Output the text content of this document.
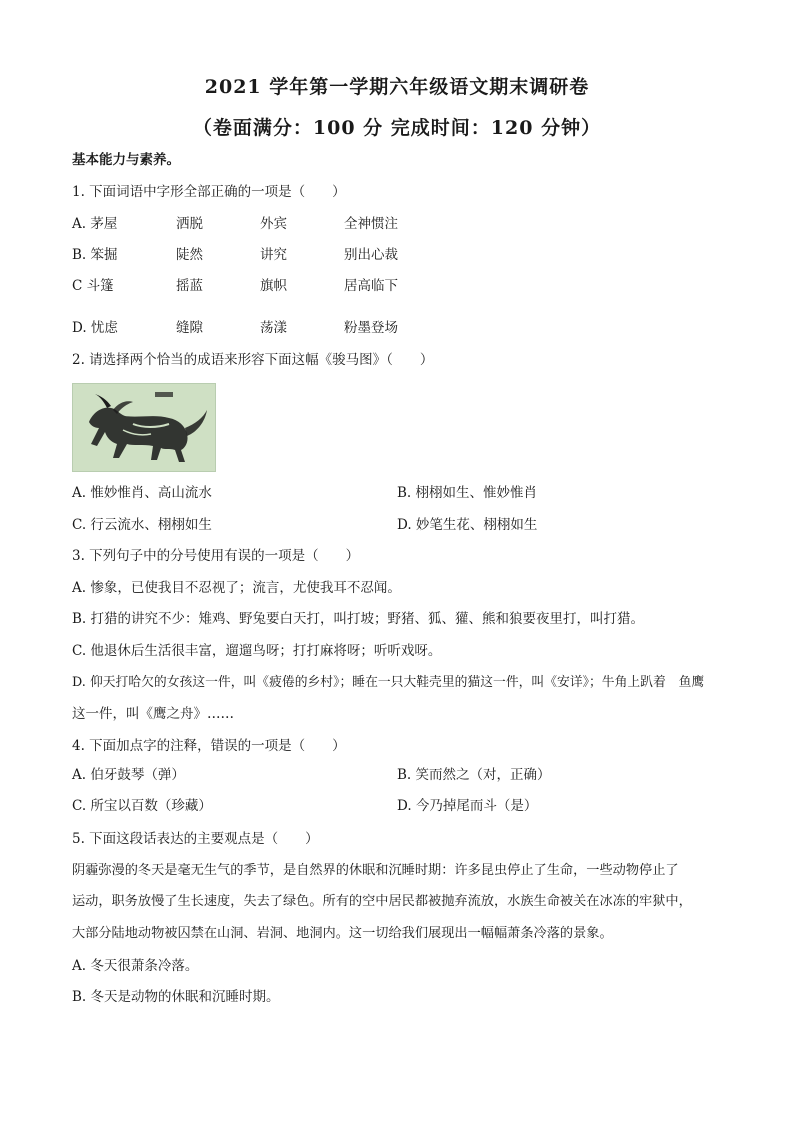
2021 学年第一学期六年级语文期末调研卷
（卷面满分：100 分 完成时间：120 分钟）
基本能力与素养。
1. 下面词语中字形全部正确的一项是（　　）
A. 茅屋	洒脱	外宾	全神惯注
B. 笨掘	陡然	讲究	别出心裁
C 斗篷	摇蓝	旗帜	居高临下
D. 忧虑	缝隙	荡漾	粉墨登场
2. 请选择两个恰当的成语来形容下面这幅《骏马图》（　　）
A. 惟妙惟肖、高山流水	B. 栩栩如生、惟妙惟肖
C. 行云流水、栩栩如生	D. 妙笔生花、栩栩如生
3. 下列句子中的分号使用有误的一项是（　　）
A. 惨象，已使我目不忍视了；流言，尤使我耳不忍闻。
B. 打猎的讲究不少：雉鸡、野兔要白天打，叫打坡；野猪、狐、獾、熊和狼要夜里打，叫打猎。
C. 他退休后生活很丰富，遛遛鸟呀；打打麻将呀；听听戏呀。
D. 仰天打哈欠的女孩这一件，叫《疲倦的乡村》；睡在一只大鞋壳里的猫这一件，叫《安详》；牛角上趴着　鱼鹰
这一件，叫《鹰之舟》……
4. 下面加点字的注释，错误的一项是（　　）
A. 伯牙鼓琴（弹）	B. 笑而然之（对，正确）
C. 所宝以百数（珍藏）	D. 今乃掉尾而斗（是）
5. 下面这段话表达的主要观点是（　　）
阴霾弥漫的冬天是毫无生气的季节，是自然界的休眠和沉睡时期：许多昆虫停止了生命，一些动物停止了
运动，职务放慢了生长速度，失去了绿色。所有的空中居民都被抛弃流放，水族生命被关在冰冻的牢狱中，
大部分陆地动物被囚禁在山洞、岩洞、地洞内。这一切给我们展现出一幅幅萧条冷落的景象。
A. 冬天很萧条冷落。
B. 冬天是动物的休眠和沉睡时期。
